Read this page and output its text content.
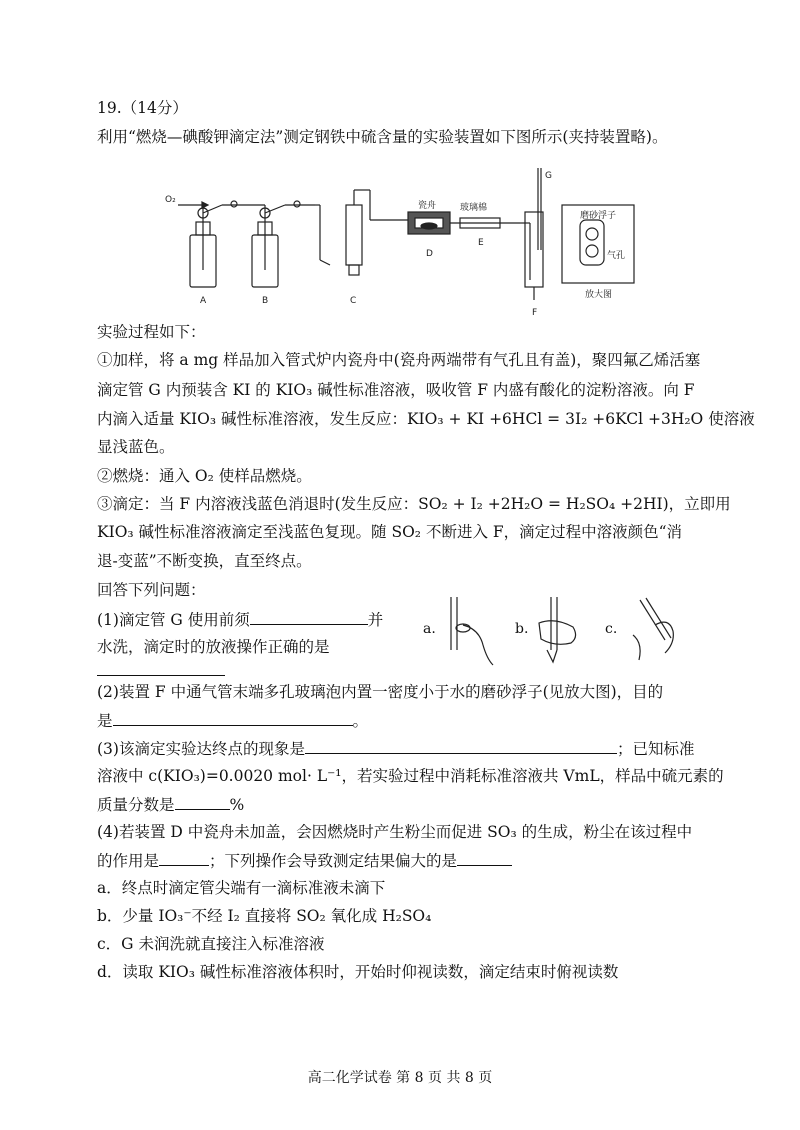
19.（14分）
利用“燃烧—碘酸钾滴定法”测定钢铁中硫含量的实验装置如下图所示(夹持装置略)。
O₂
A	B	C
D
E
F
G
瓷舟	玻璃棉
磨砂浮子
气孔
放大图
实验过程如下：
①加样，将 a mg 样品加入管式炉内瓷舟中(瓷舟两端带有气孔且有盖)，聚四氟乙烯活塞
滴定管 G 内预装含 KI 的 KIO₃ 碱性标准溶液，吸收管 F 内盛有酸化的淀粉溶液。向 F
内滴入适量 KIO₃ 碱性标准溶液，发生反应：KIO₃ + KI +6HCl = 3I₂ +6KCl +3H₂O 使溶液
显浅蓝色。
②燃烧：通入 O₂ 使样品燃烧。
③滴定：当 F 内溶液浅蓝色消退时(发生反应：SO₂ + I₂ +2H₂O = H₂SO₄ +2HI)，立即用
KIO₃ 碱性标准溶液滴定至浅蓝色复现。随 SO₂ 不断进入 F，滴定过程中溶液颜色“消
退-变蓝”不断变换，直至终点。
回答下列问题：
(1)滴定管 G 使用前须	并
水洗，滴定时的放液操作正确的是
a.	b.	c.
(2)装置 F 中通气管末端多孔玻璃泡内置一密度小于水的磨砂浮子(见放大图)，目的
是	。
(3)该滴定实验达终点的现象是	；已知标准
溶液中 c(KIO₃)=0.0020 mol· L⁻¹，若实验过程中消耗标准溶液共 VmL，样品中硫元素的
质量分数是	%
(4)若装置 D 中瓷舟未加盖，会因燃烧时产生粉尘而促进 SO₃ 的生成，粉尘在该过程中
的作用是	；下列操作会导致测定结果偏大的是
a．终点时滴定管尖端有一滴标准液未滴下
b．少量 IO₃⁻不经 I₂ 直接将 SO₂ 氧化成 H₂SO₄
c．G 未润洗就直接注入标准溶液
d．读取 KIO₃ 碱性标准溶液体积时，开始时仰视读数，滴定结束时俯视读数
高二化学试卷 第 8 页 共 8 页
